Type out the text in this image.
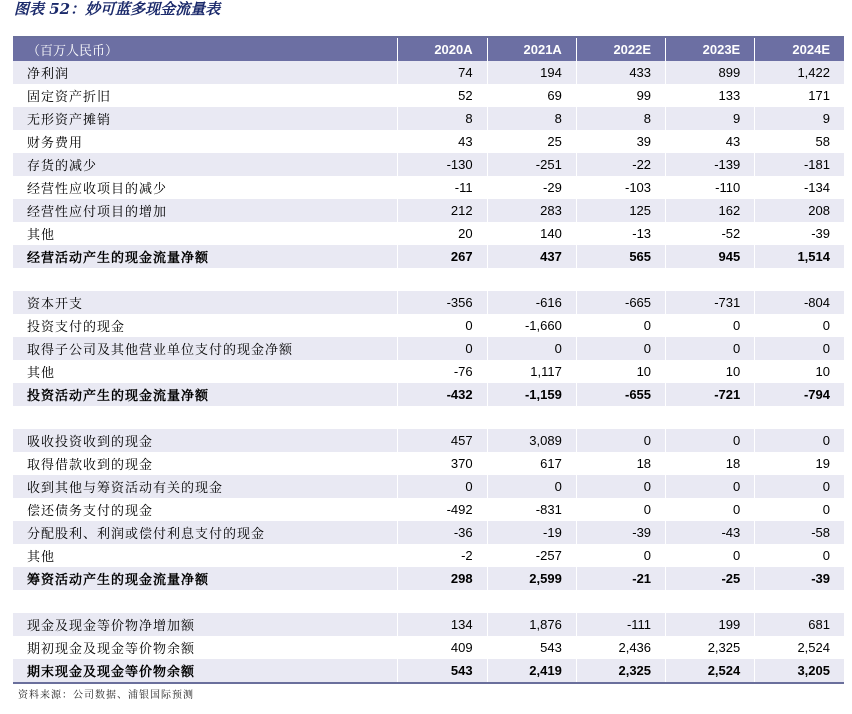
图表 52：妙可蓝多现金流量表
（百万人民币）	2020A	2021A	2022E	2023E	2024E
净利润	74	194	433	899	1,422
固定资产折旧	52	69	99	133	171
无形资产摊销	8	8	8	9	9
财务费用	43	25	39	43	58
存货的减少	-130	-251	-22	-139	-181
经营性应收项目的减少	-11	-29	-103	-110	-134
经营性应付项目的增加	212	283	125	162	208
其他	20	140	-13	-52	-39
经营活动产生的现金流量净额	267	437	565	945	1,514

资本开支	-356	-616	-665	-731	-804
投资支付的现金	0	-1,660	0	0	0
取得子公司及其他营业单位支付的现金净额	0	0	0	0	0
其他	-76	1,117	10	10	10
投资活动产生的现金流量净额	-432	-1,159	-655	-721	-794

吸收投资收到的现金	457	3,089	0	0	0
取得借款收到的现金	370	617	18	18	19
收到其他与筹资活动有关的现金	0	0	0	0	0
偿还债务支付的现金	-492	-831	0	0	0
分配股利、利润或偿付利息支付的现金	-36	-19	-39	-43	-58
其他	-2	-257	0	0	0
筹资活动产生的现金流量净额	298	2,599	-21	-25	-39

现金及现金等价物净增加额	134	1,876	-111	199	681
期初现金及现金等价物余额	409	543	2,436	2,325	2,524
期末现金及现金等价物余额	543	2,419	2,325	2,524	3,205
资料来源：公司数据、浦银国际预测
